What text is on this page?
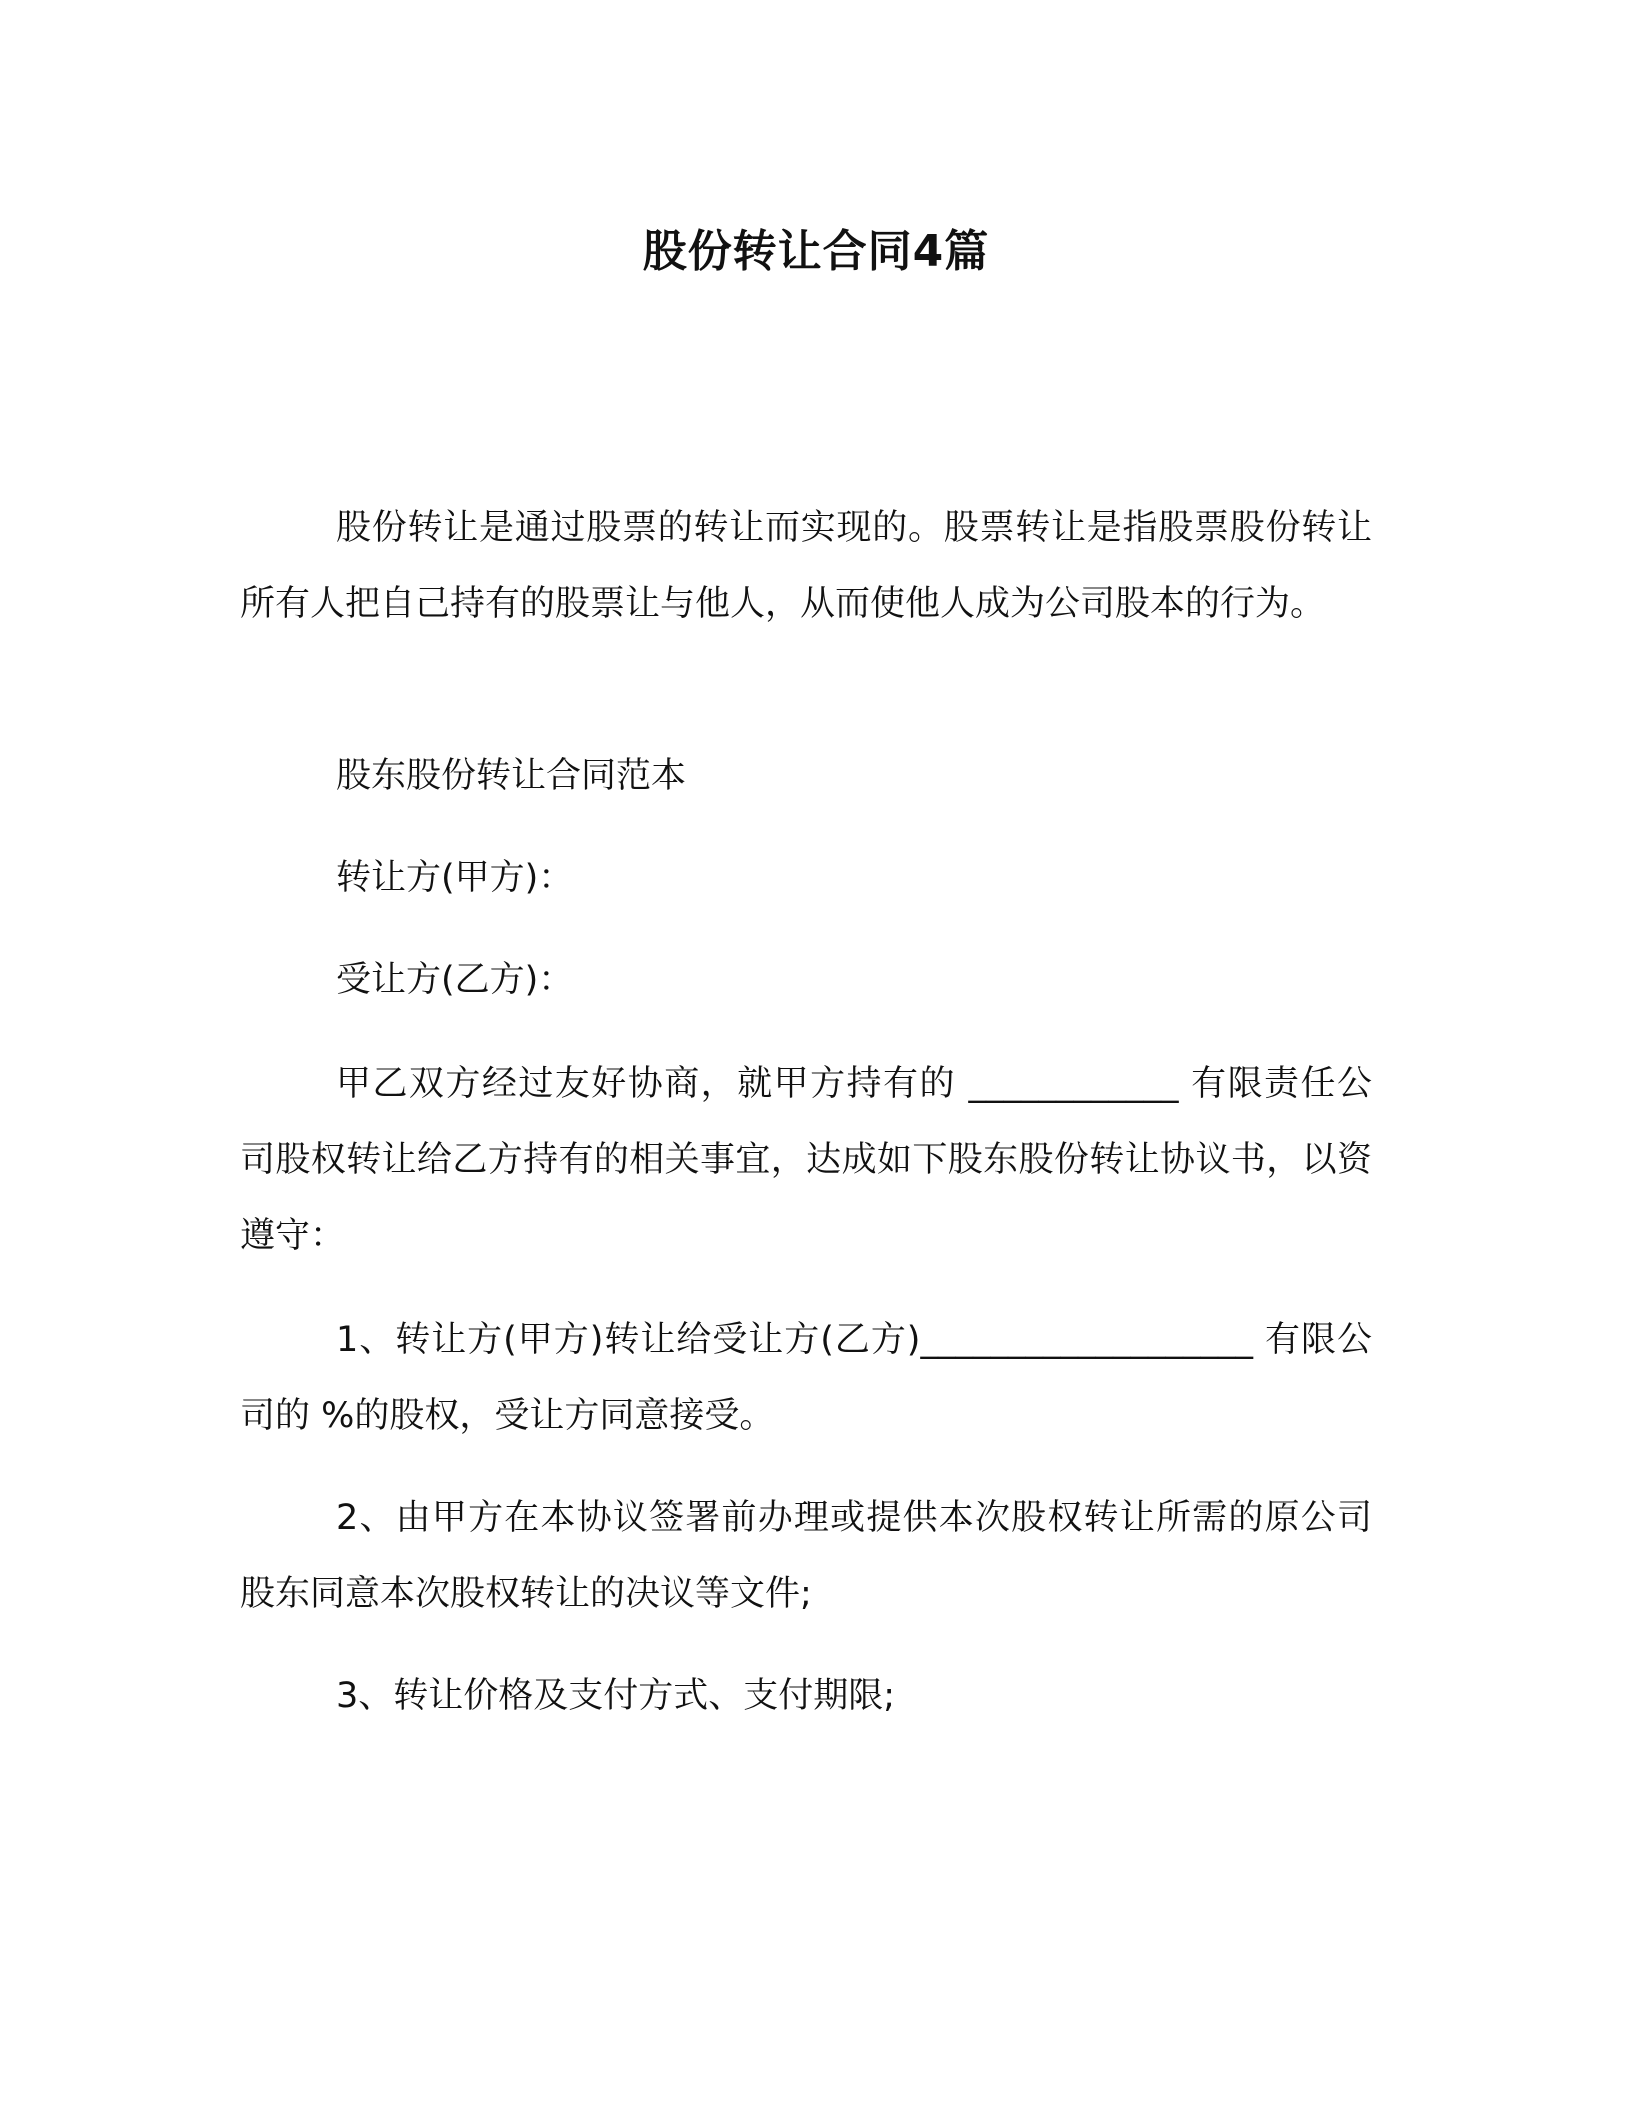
股份转让合同4篇

股份转让是通过股票的转让而实现的。股票转让是指股票股份转让所有人把自己持有的股票让与他人，从而使他人成为公司股本的行为。

股东股份转让合同范本

转让方(甲方)：

受让方(乙方)：

甲乙双方经过友好协商，就甲方持有的 ____________ 有限责任公司股权转让给乙方持有的相关事宜，达成如下股东股份转让协议书，以资遵守：

1、转让方(甲方)转让给受让方(乙方)___________________ 有限公司的 %的股权，受让方同意接受。

2、由甲方在本协议签署前办理或提供本次股权转让所需的原公司股东同意本次股权转让的决议等文件;

3、转让价格及支付方式、支付期限;
